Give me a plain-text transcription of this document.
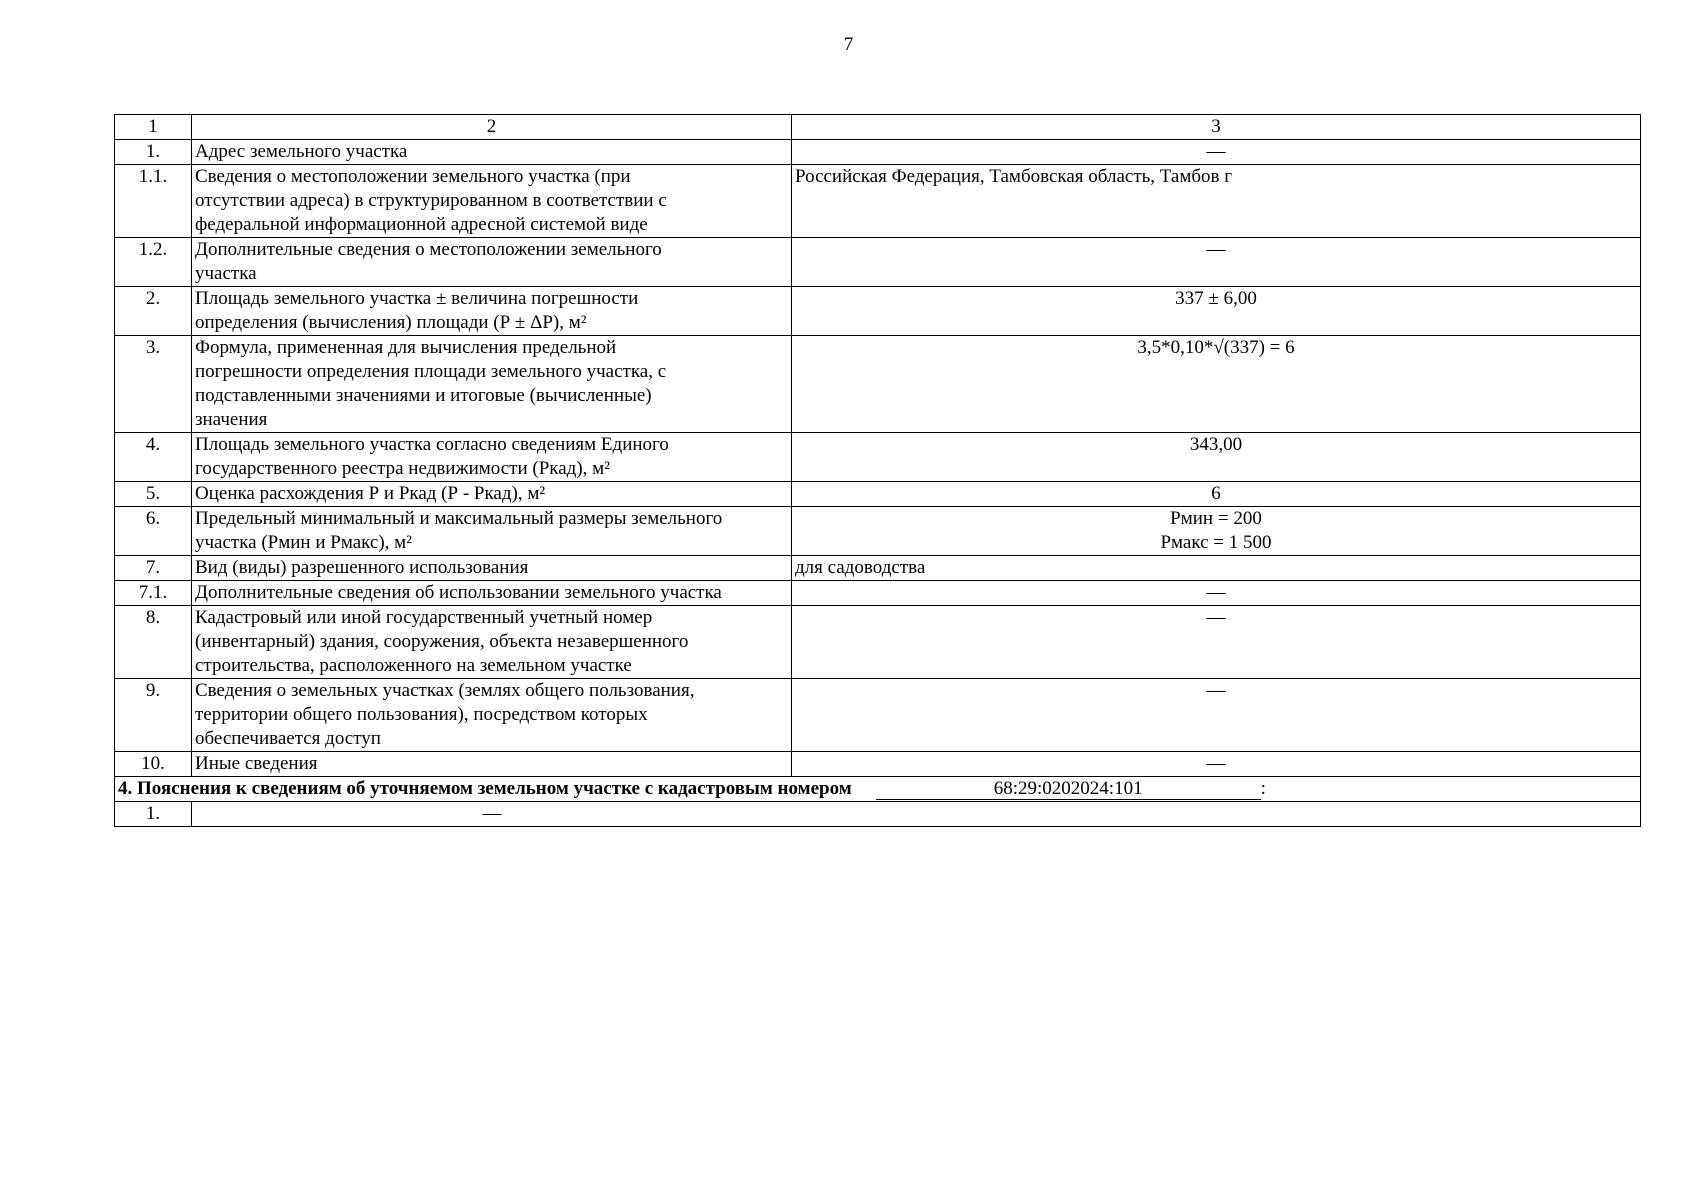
7
1	2	3
1.	Адрес земельного участка	—

1.1.	Сведения о местоположении земельного участка (при
отсутствии адреса) в структурированном в соответствии с
федеральной информационной адресной системой виде	Российская Федерация, Тамбовская область, Тамбов г

1.2.	Дополнительные сведения о местоположении земельного
участка	—

2.	Площадь земельного участка ± величина погрешности
определения (вычисления) площади (Р ± ΔР), м²	337 ± 6,00

3.	Формула, примененная для вычисления предельной
погрешности определения площади земельного участка, с
подставленными значениями и итоговые (вычисленные)
значения	3,5*0,10*√(337) = 6

4.	Площадь земельного участка согласно сведениям Единого
государственного реестра недвижимости (Ркад), м²	343,00

5.	Оценка расхождения Р и Ркад (Р - Ркад), м²	6

6.	Предельный минимальный и максимальный размеры земельного
участка (Рмин и Рмакс), м²	Рмин = 200
Рмакс = 1 500

7.	Вид (виды) разрешенного использования	для садоводства

7.1.	Дополнительные сведения об использовании земельного участка	—

8.	Кадастровый или иной государственный учетный номер
(инвентарный) здания, сооружения, объекта незавершенного
строительства, расположенного на земельном участке	—

9.	Сведения о земельных участках (землях общего пользования,
территории общего пользования), посредством которых
обеспечивается доступ	—

10.	Иные сведения	—

4. Пояснения к сведениям об уточняемом земельном участке с кадастровым номером 68:29:0202024:101 :		
1.	—	
